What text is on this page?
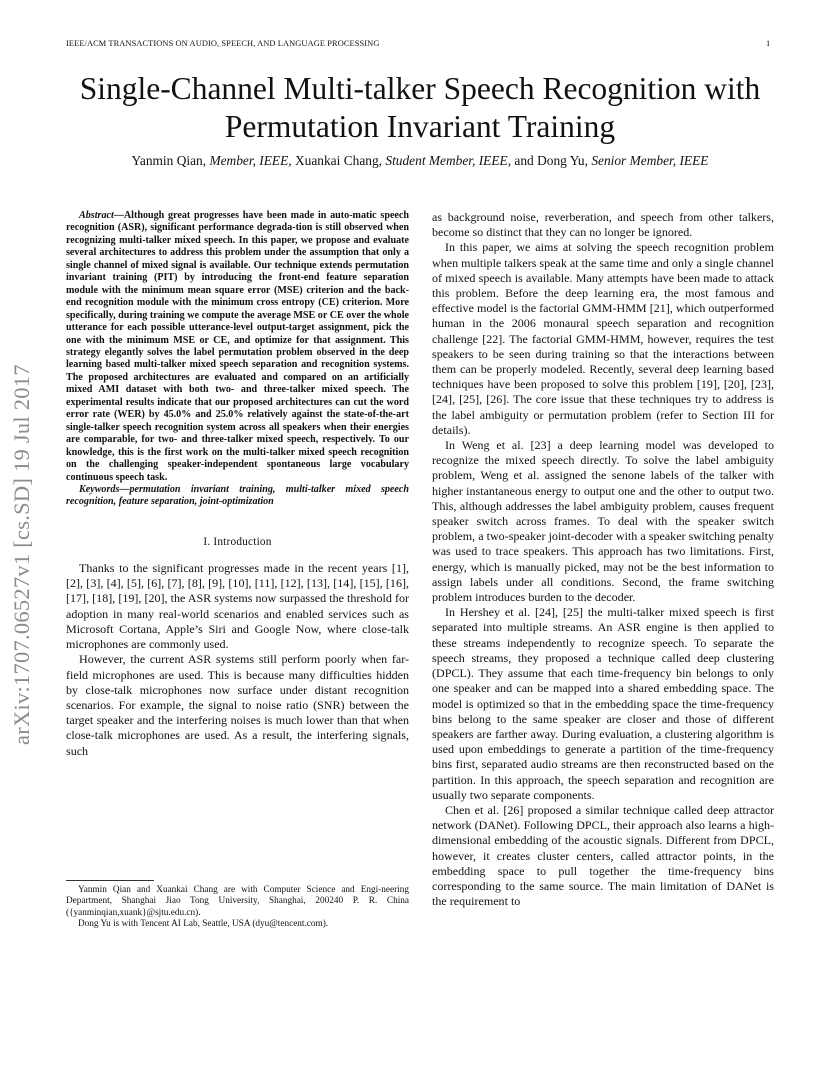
IEEE/ACM TRANSACTIONS ON AUDIO, SPEECH, AND LANGUAGE PROCESSING	1
arXiv:1707.06527v1 [cs.SD] 19 Jul 2017
Single-Channel Multi-talker Speech Recognition with Permutation Invariant Training
Yanmin Qian, Member, IEEE, Xuankai Chang, Student Member, IEEE, and Dong Yu, Senior Member, IEEE

Abstract—Although great progresses have been made in auto-matic speech recognition (ASR), significant performance degrada-tion is still observed when recognizing multi-talker mixed speech. In this paper, we propose and evaluate several architectures to address this problem under the assumption that only a single channel of mixed signal is available. Our technique extends permutation invariant training (PIT) by introducing the front-end feature separation module with the minimum mean square error (MSE) criterion and the back-end recognition module with the minimum cross entropy (CE) criterion. More specifically, during training we compute the average MSE or CE over the whole utterance for each possible utterance-level output-target assignment, pick the one with the minimum MSE or CE, and optimize for that assignment. This strategy elegantly solves the label permutation problem observed in the deep learning based multi-talker mixed speech separation and recognition systems. The proposed architectures are evaluated and compared on an artificially mixed AMI dataset with both two- and three-talker mixed speech. The experimental results indicate that our proposed architectures can cut the word error rate (WER) by 45.0% and 25.0% relatively against the state-of-the-art single-talker speech recognition system across all speakers when their energies are comparable, for two- and three-talker mixed speech, respectively. To our knowledge, this is the first work on the multi-talker mixed speech recognition on the challenging speaker-independent spontaneous large vocabulary continuous speech task.

Keywords—permutation invariant training, multi-talker mixed speech recognition, feature separation, joint-optimization

I. Introduction

Thanks to the significant progresses made in the recent years [1], [2], [3], [4], [5], [6], [7], [8], [9], [10], [11], [12], [13], [14], [15], [16], [17], [18], [19], [20], the ASR systems now surpassed the threshold for adoption in many real-world scenarios and enabled services such as Microsoft Cortana, Apple’s Siri and Google Now, where close-talk microphones are commonly used.

However, the current ASR systems still perform poorly when far-field microphones are used. This is because many difficulties hidden by close-talk microphones now surface under distant recognition scenarios. For example, the signal to noise ratio (SNR) between the target speaker and the interfering noises is much lower than that when close-talk microphones are used. As a result, the interfering signals, such

Yanmin Qian and Xuankai Chang are with Computer Science and Engi-neering Department, Shanghai Jiao Tong University, Shanghai, 200240 P. R. China ({yanminqian,xuank}@sjtu.edu.cn).

Dong Yu is with Tencent AI Lab, Seattle, USA (dyu@tencent.com).

as background noise, reverberation, and speech from other talkers, become so distinct that they can no longer be ignored.

In this paper, we aims at solving the speech recognition problem when multiple talkers speak at the same time and only a single channel of mixed speech is available. Many attempts have been made to attack this problem. Before the deep learning era, the most famous and effective model is the factorial GMM-HMM [21], which outperformed human in the 2006 monaural speech separation and recognition challenge [22]. The factorial GMM-HMM, however, requires the test speakers to be seen during training so that the interactions between them can be properly modeled. Recently, several deep learning based techniques have been proposed to solve this problem [19], [20], [23], [24], [25], [26]. The core issue that these techniques try to address is the label ambiguity or permutation problem (refer to Section III for details).

In Weng et al. [23] a deep learning model was developed to recognize the mixed speech directly. To solve the label ambiguity problem, Weng et al. assigned the senone labels of the talker with higher instantaneous energy to output one and the other to output two. This, although addresses the label ambiguity problem, causes frequent speaker switch across frames. To deal with the speaker switch problem, a two-speaker joint-decoder with a speaker switching penalty was used to trace speakers. This approach has two limitations. First, energy, which is manually picked, may not be the best information to assign labels under all conditions. Second, the frame switching problem introduces burden to the decoder.

In Hershey et al. [24], [25] the multi-talker mixed speech is first separated into multiple streams. An ASR engine is then applied to these streams independently to recognize speech. To separate the speech streams, they proposed a technique called deep clustering (DPCL). They assume that each time-frequency bin belongs to only one speaker and can be mapped into a shared embedding space. The model is optimized so that in the embedding space the time-frequency bins belong to the same speaker are closer and those of different speakers are farther away. During evaluation, a clustering algorithm is used upon embeddings to generate a partition of the time-frequency bins first, separated audio streams are then reconstructed based on the partition. In this approach, the speech separation and recognition are usually two separate components.

Chen et al. [26] proposed a similar technique called deep attractor network (DANet). Following DPCL, their approach also learns a high-dimensional embedding of the acoustic signals. Different from DPCL, however, it creates cluster centers, called attractor points, in the embedding space to pull together the time-frequency bins corresponding to the same source. The main limitation of DANet is the requirement to
